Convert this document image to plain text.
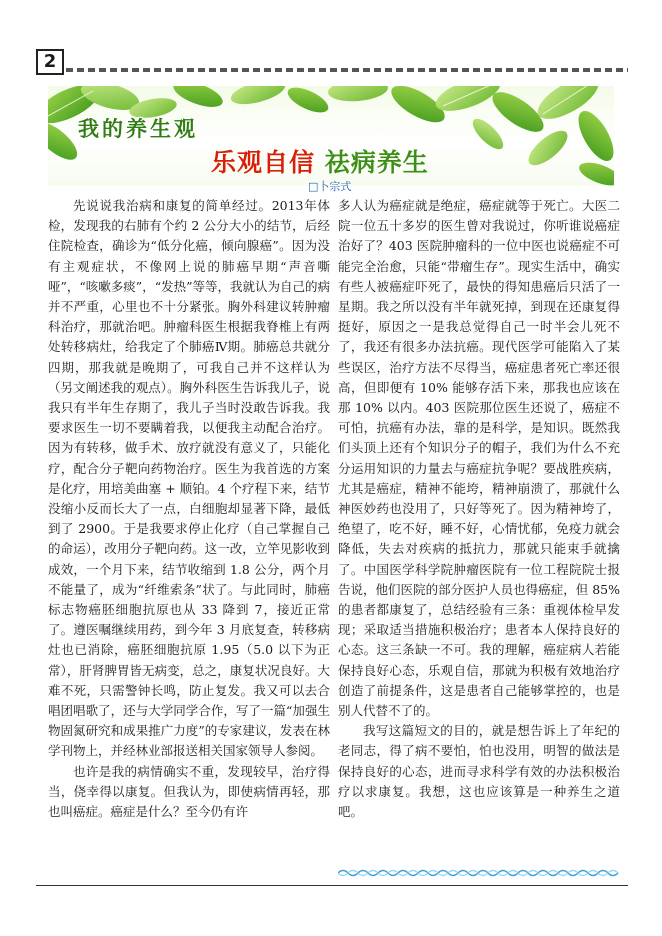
2
我的养生观
乐观自信 祛病养生
□卜宗式

先说说我治病和康复的简单经过。2013年体检，发现我的右肺有个约 2 公分大小的结节，后经住院检查，确诊为“低分化癌，倾向腺癌”。因为没有主观症状，不像网上说的肺癌早期“声音嘶哑”，“咳嗽多痰”，“发热”等等，我就认为自己的病并不严重，心里也不十分紧张。胸外科建议转肿瘤科治疗，那就治吧。肿瘤科医生根据我脊椎上有两处转移病灶，给我定了个肺癌Ⅳ期。肺癌总共就分四期，那我就是晚期了，可我自己并不这样认为（另文阐述我的观点）。胸外科医生告诉我儿子，说我只有半年生存期了，我儿子当时没敢告诉我。我要求医生一切不要瞒着我，以便我主动配合治疗。因为有转移，做手术、放疗就没有意义了，只能化疗，配合分子靶向药物治疗。医生为我首选的方案是化疗，用培美曲塞 + 顺铂。4 个疗程下来，结节没缩小反而长大了一点，白细胞却显著下降，最低到了 2900。于是我要求停止化疗（自己掌握自己的命运），改用分子靶向药。这一改，立竿见影收到成效，一个月下来，结节收缩到 1.8 公分，两个月不能量了，成为“纤维索条”状了。与此同时，肺癌标志物癌胚细胞抗原也从 33 降到 7，接近正常了。遵医嘱继续用药，到今年 3 月底复查，转移病灶也已消除，癌胚细胞抗原 1.95（5.0 以下为正常），肝肾脾胃皆无病变，总之，康复状况良好。大难不死，只需警钟长鸣，防止复发。我又可以去合唱团唱歌了，还与大学同学合作，写了一篇“加强生物固氮研究和成果推广力度”的专家建议，发表在林学刊物上，并经林业部报送相关国家领导人参阅。

也许是我的病情确实不重，发现较早，治疗得当，侥幸得以康复。但我认为，即使病情再轻，那也叫癌症。癌症是什么？至今仍有许

多人认为癌症就是绝症，癌症就等于死亡。大医二院一位五十多岁的医生曾对我说过，你听谁说癌症治好了？403 医院肿瘤科的一位中医也说癌症不可能完全治愈，只能“带瘤生存”。现实生活中，确实有些人被癌症吓死了，最快的得知患癌后只活了一星期。我之所以没有半年就死掉，到现在还康复得挺好，原因之一是我总觉得自己一时半会儿死不了，我还有很多办法抗癌。现代医学可能陷入了某些误区，治疗方法不尽得当，癌症患者死亡率还很高，但即便有 10% 能够存活下来，那我也应该在那 10% 以内。403 医院那位医生还说了，癌症不可怕，抗癌有办法，靠的是科学，是知识。既然我们头顶上还有个知识分子的帽子，我们为什么不充分运用知识的力量去与癌症抗争呢？要战胜疾病，尤其是癌症，精神不能垮，精神崩溃了，那就什么神医妙药也没用了，只好等死了。因为精神垮了，绝望了，吃不好，睡不好，心情忧郁，免疫力就会降低，失去对疾病的抵抗力，那就只能束手就擒了。中国医学科学院肿瘤医院有一位工程院院士报告说，他们医院的部分医护人员也得癌症，但 85% 的患者都康复了，总结经验有三条：重视体检早发现；采取适当措施积极治疗；患者本人保持良好的心态。这三条缺一不可。我的理解，癌症病人若能保持良好心态，乐观自信，那就为积极有效地治疗创造了前提条件，这是患者自己能够掌控的，也是别人代替不了的。

我写这篇短文的目的，就是想告诉上了年纪的老同志，得了病不要怕，怕也没用，明智的做法是保持良好的心态，进而寻求科学有效的办法积极治疗以求康复。我想，这也应该算是一种养生之道吧。
